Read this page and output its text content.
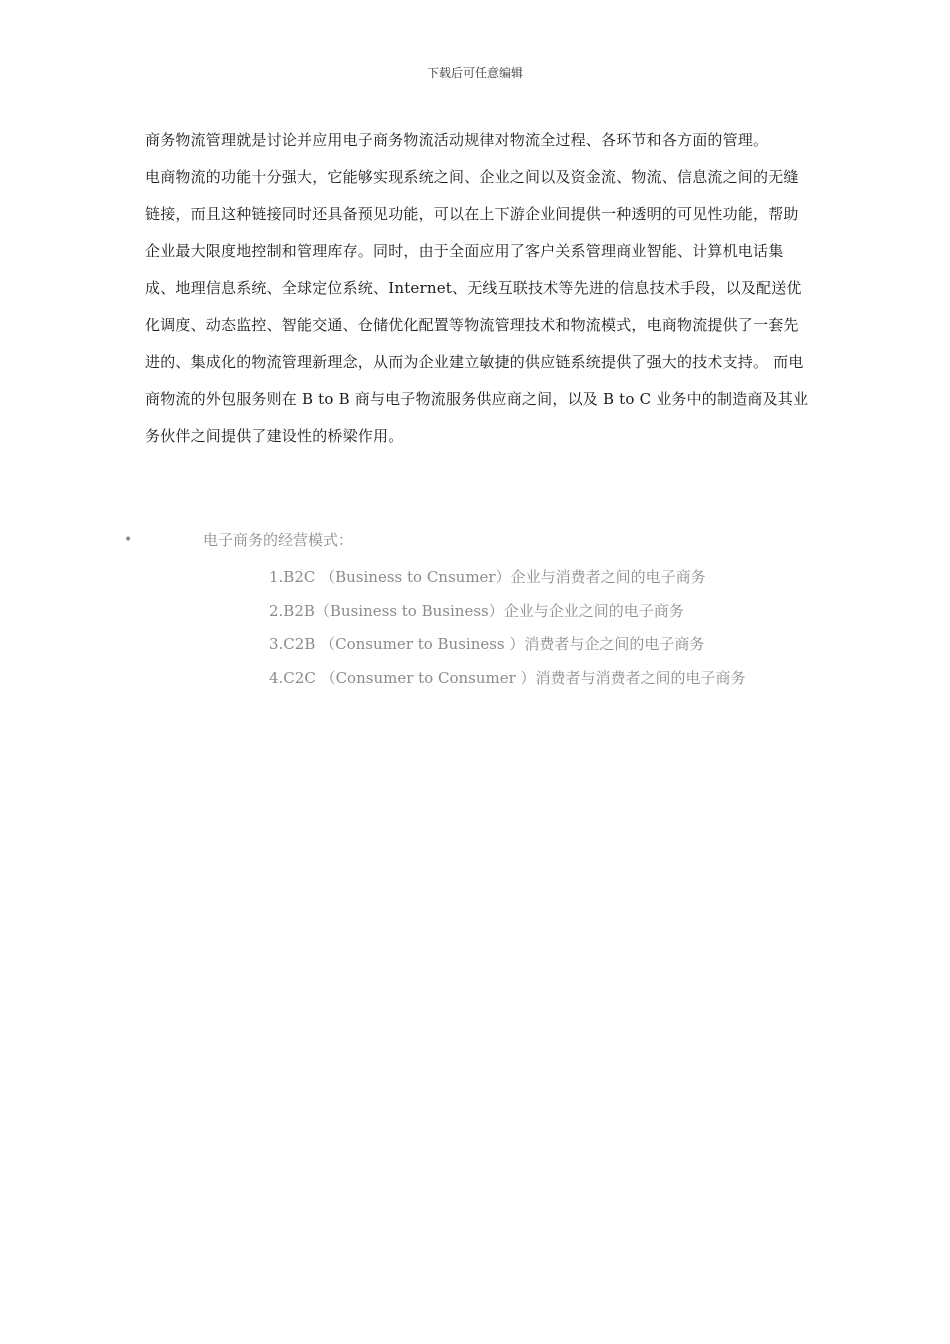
下载后可任意编辑

商务物流管理就是讨论并应用电子商务物流活动规律对物流全过程、各环节和各方面的管理。

电商物流的功能十分强大，它能够实现系统之间、企业之间以及资金流、物流、信息流之间的无缝链接，而且这种链接同时还具备预见功能，可以在上下游企业间提供一种透明的可见性功能，帮助企业最大限度地控制和管理库存。同时，由于全面应用了客户关系管理商业智能、计算机电话集成、地理信息系统、全球定位系统、Internet、无线互联技术等先进的信息技术手段，以及配送优化调度、动态监控、智能交通、仓储优化配置等物流管理技术和物流模式，电商物流提供了一套先进的、集成化的物流管理新理念，从而为企业建立敏捷的供应链系统提供了强大的技术支持。 而电商物流的外包服务则在 B to B 商与电子物流服务供应商之间，以及 B to C 业务中的制造商及其业务伙伴之间提供了建设性的桥梁作用。

•	电子商务的经营模式：
1.B2C （Business to Cnsumer）企业与消费者之间的电子商务
2.B2B（Business to Business）企业与企业之间的电子商务
3.C2B （Consumer to Business ）消费者与企之间的电子商务
4.C2C （Consumer to Consumer ）消费者与消费者之间的电子商务
